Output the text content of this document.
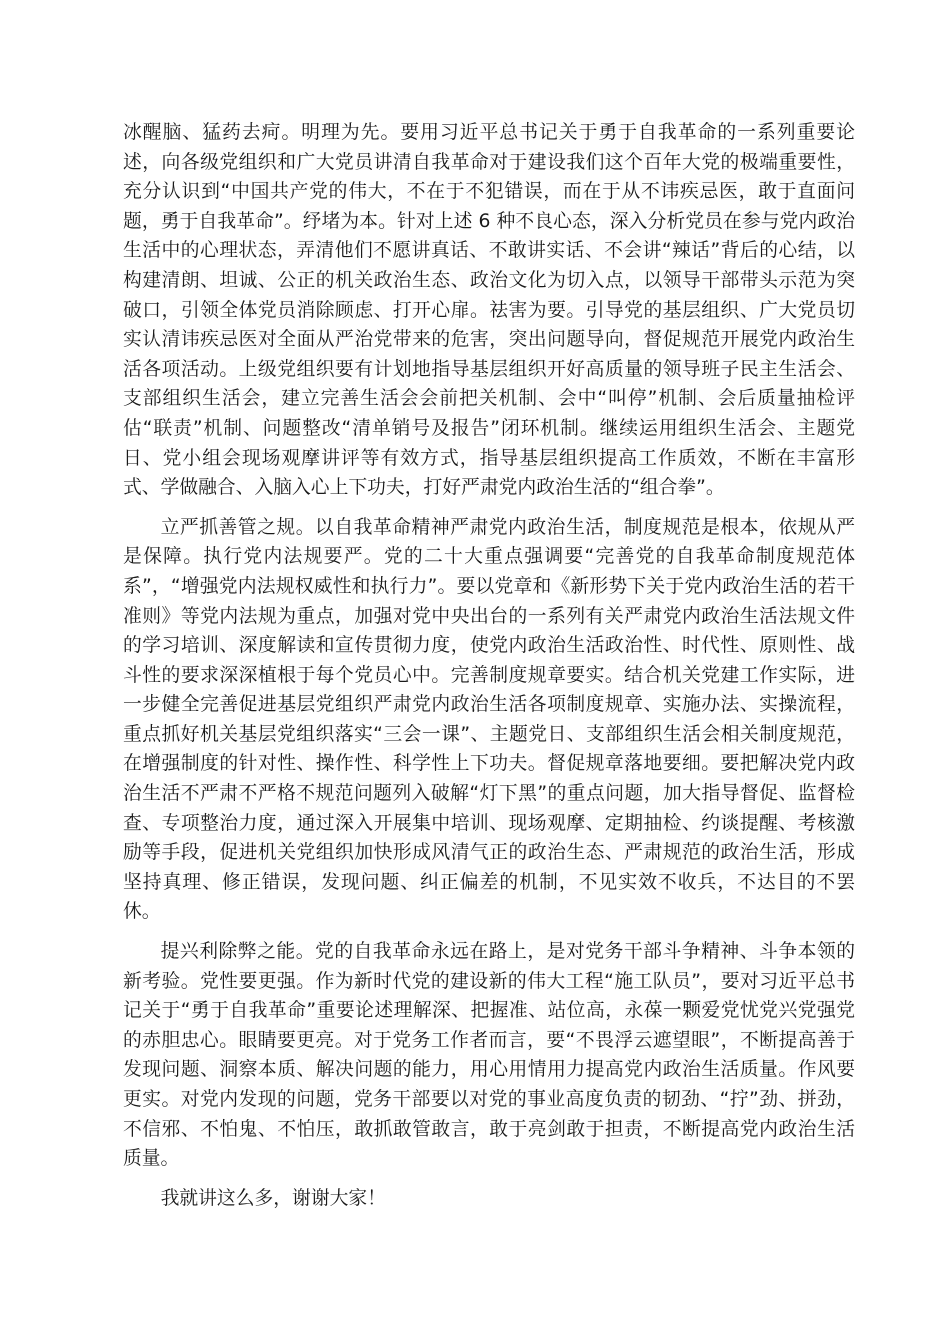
冰醒脑、猛药去疴。明理为先。要用习近平总书记关于勇于自我革命的一系列重要论述，向各级党组织和广大党员讲清自我革命对于建设我们这个百年大党的极端重要性，充分认识到“中国共产党的伟大，不在于不犯错误，而在于从不讳疾忌医，敢于直面问题，勇于自我革命”。纾堵为本。针对上述 6 种不良心态，深入分析党员在参与党内政治生活中的心理状态，弄清他们不愿讲真话、不敢讲实话、不会讲“辣话”背后的心结，以构建清朗、坦诚、公正的机关政治生态、政治文化为切入点，以领导干部带头示范为突破口，引领全体党员消除顾虑、打开心扉。祛害为要。引导党的基层组织、广大党员切实认清讳疾忌医对全面从严治党带来的危害，突出问题导向，督促规范开展党内政治生活各项活动。上级党组织要有计划地指导基层组织开好高质量的领导班子民主生活会、支部组织生活会，建立完善生活会会前把关机制、会中“叫停”机制、会后质量抽检评估“联责”机制、问题整改“清单销号及报告”闭环机制。继续运用组织生活会、主题党日、党小组会现场观摩讲评等有效方式，指导基层组织提高工作质效，不断在丰富形式、学做融合、入脑入心上下功夫，打好严肃党内政治生活的“组合拳”。

立严抓善管之规。以自我革命精神严肃党内政治生活，制度规范是根本，依规从严是保障。执行党内法规要严。党的二十大重点强调要“完善党的自我革命制度规范体系”，“增强党内法规权威性和执行力”。要以党章和《新形势下关于党内政治生活的若干准则》等党内法规为重点，加强对党中央出台的一系列有关严肃党内政治生活法规文件的学习培训、深度解读和宣传贯彻力度，使党内政治生活政治性、时代性、原则性、战斗性的要求深深植根于每个党员心中。完善制度规章要实。结合机关党建工作实际，进一步健全完善促进基层党组织严肃党内政治生活各项制度规章、实施办法、实操流程，重点抓好机关基层党组织落实“三会一课”、主题党日、支部组织生活会相关制度规范，在增强制度的针对性、操作性、科学性上下功夫。督促规章落地要细。要把解决党内政治生活不严肃不严格不规范问题列入破解“灯下黑”的重点问题，加大指导督促、监督检查、专项整治力度，通过深入开展集中培训、现场观摩、定期抽检、约谈提醒、考核激励等手段，促进机关党组织加快形成风清气正的政治生态、严肃规范的政治生活，形成坚持真理、修正错误，发现问题、纠正偏差的机制，不见实效不收兵，不达目的不罢休。

提兴利除弊之能。党的自我革命永远在路上，是对党务干部斗争精神、斗争本领的新考验。党性要更强。作为新时代党的建设新的伟大工程“施工队员”，要对习近平总书记关于“勇于自我革命”重要论述理解深、把握准、站位高，永葆一颗爱党忧党兴党强党的赤胆忠心。眼睛要更亮。对于党务工作者而言，要“不畏浮云遮望眼”，不断提高善于发现问题、洞察本质、解决问题的能力，用心用情用力提高党内政治生活质量。作风要更实。对党内发现的问题，党务干部要以对党的事业高度负责的韧劲、“拧”劲、拼劲，不信邪、不怕鬼、不怕压，敢抓敢管敢言，敢于亮剑敢于担责，不断提高党内政治生活质量。

我就讲这么多，谢谢大家！
